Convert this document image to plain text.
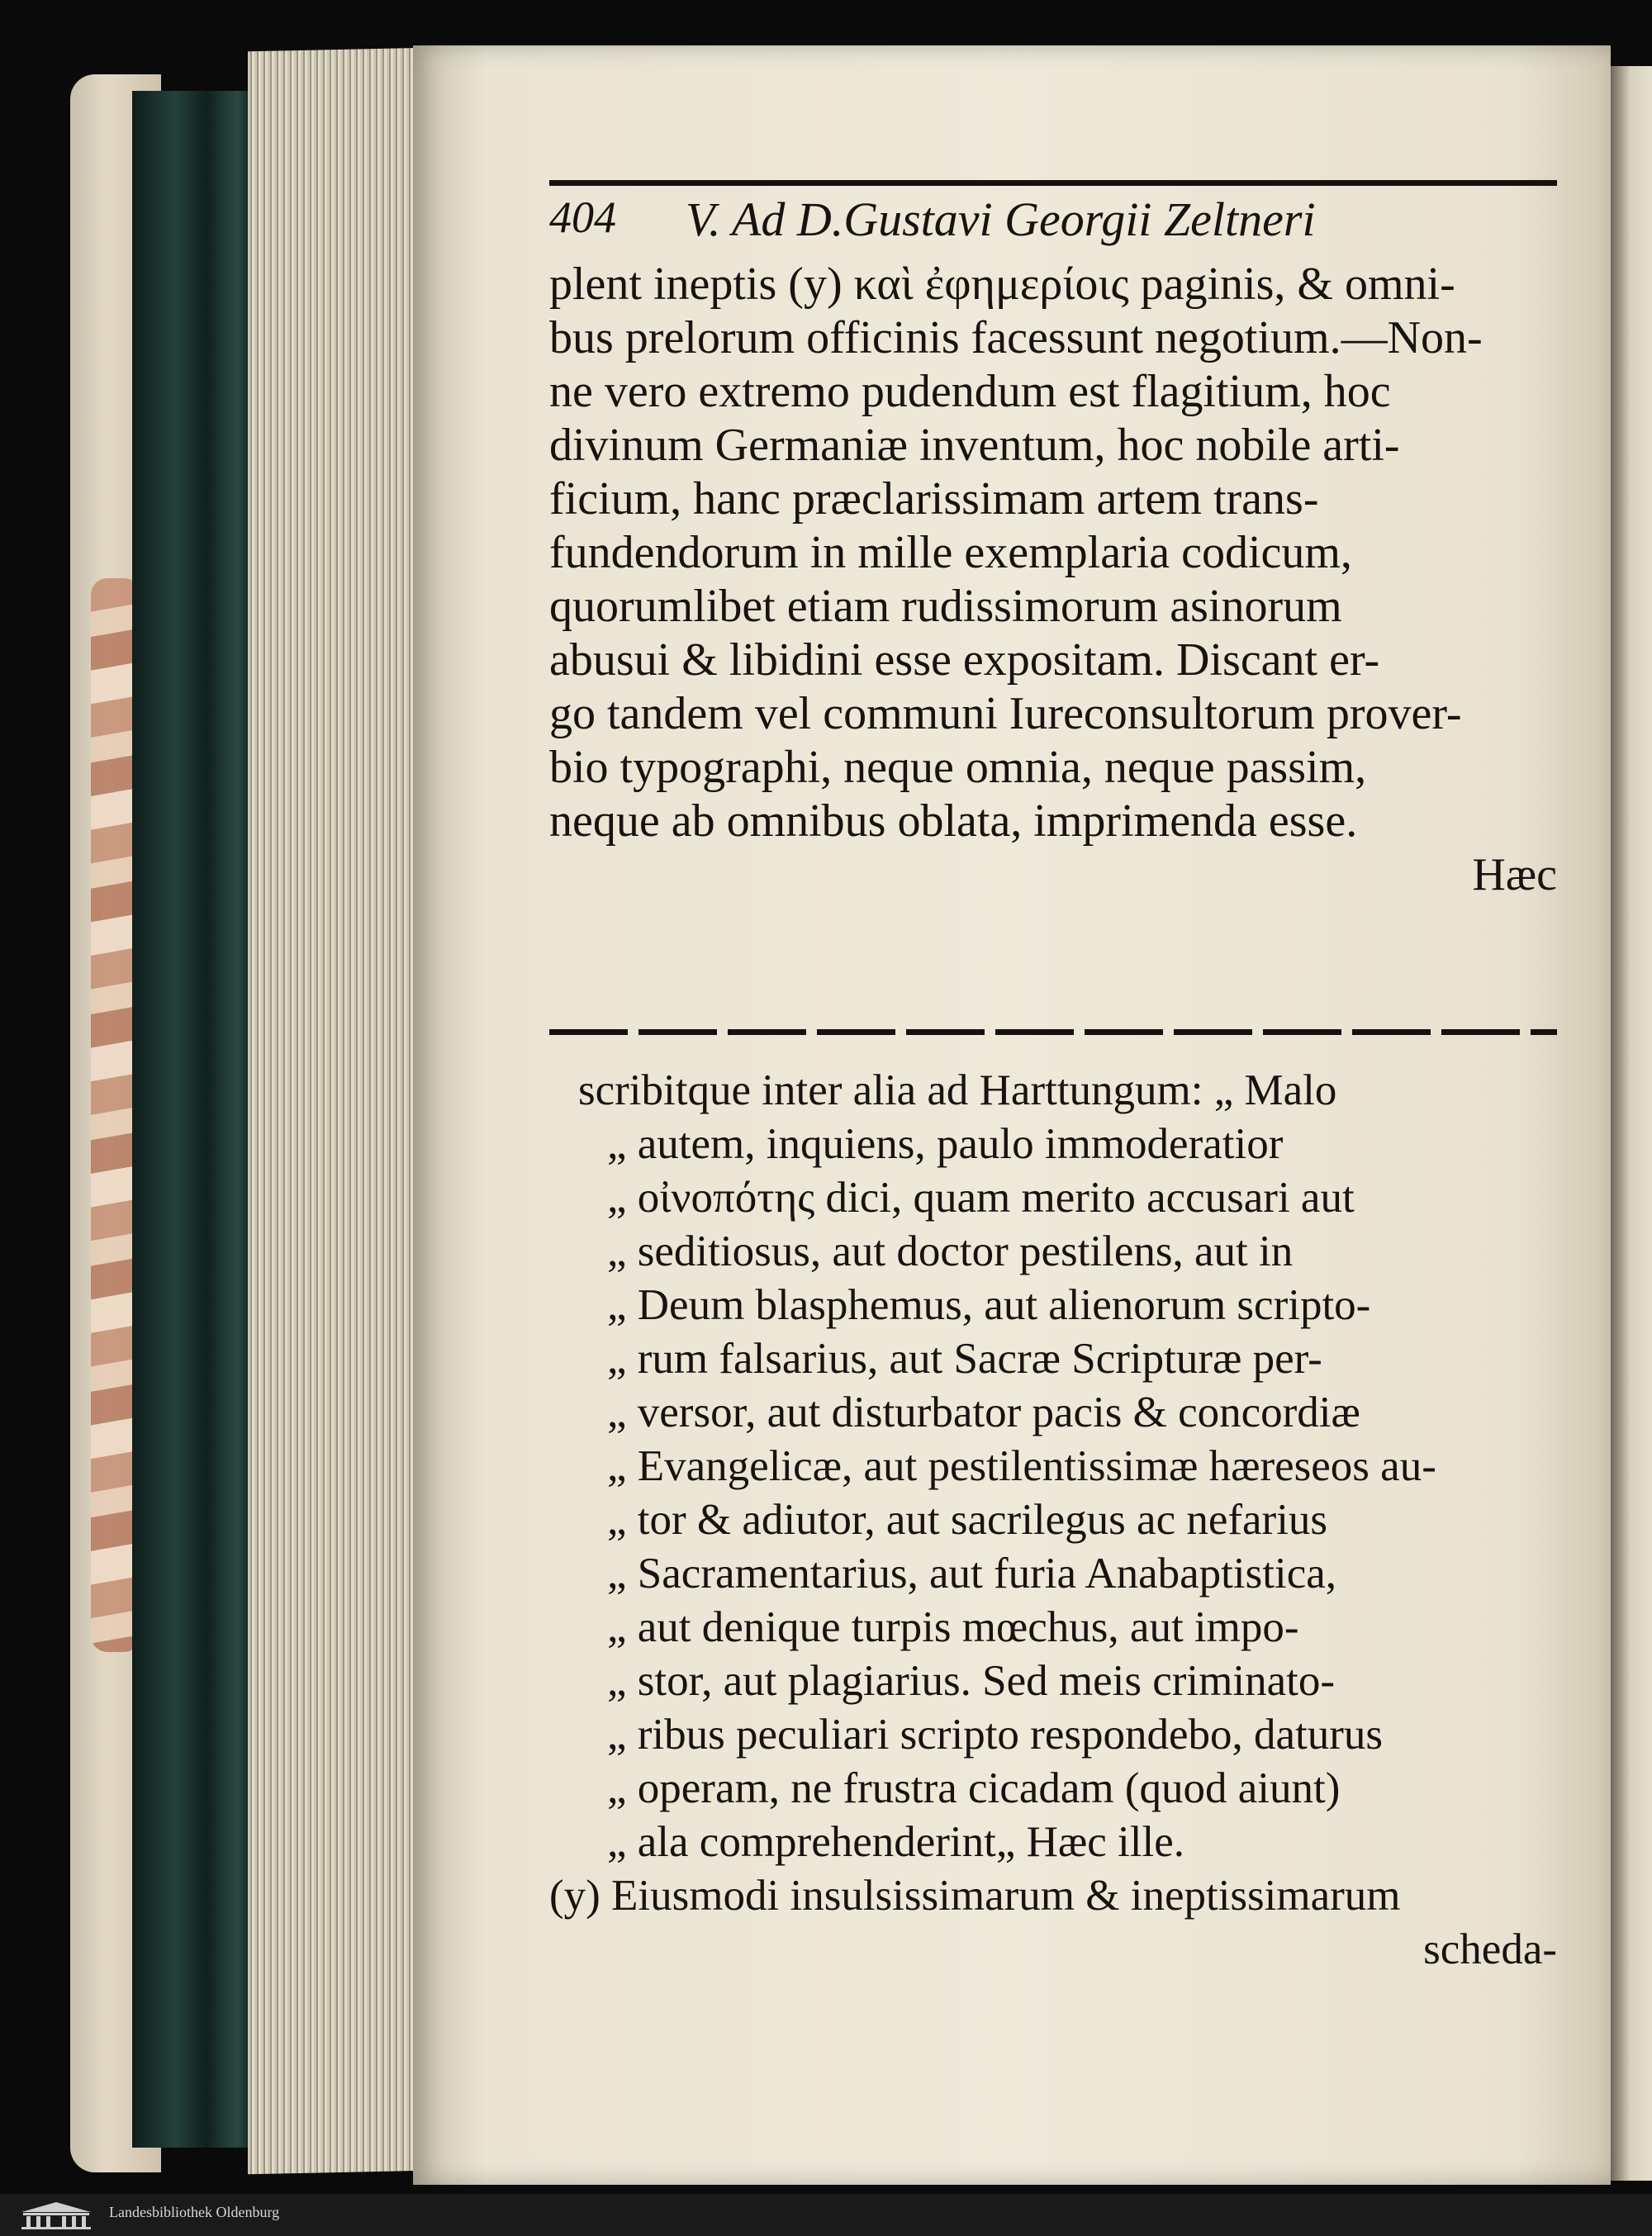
404 V. Ad D.Gustavi Georgii Zeltneri
plent ineptis (y) καὶ ἐφημερίοις paginis, & omni-
bus prelorum officinis facessunt negotium.—Non-
ne vero extremo pudendum est flagitium, hoc
divinum Germaniæ inventum, hoc nobile arti-
ficium, hanc præclarissimam artem trans-
fundendorum in mille exemplaria codicum,
quorumlibet etiam rudissimorum asinorum
abusui & libidini esse expositam. Discant er-
go tandem vel communi Iureconsultorum prover-
bio typographi, neque omnia, neque passim,
neque ab omnibus oblata, imprimenda esse.
Hæc
scribitque inter alia ad Harttungum: „ Malo
„ autem, inquiens, paulo immoderatior
„ οἰνοπότης dici, quam merito accusari aut
„ seditiosus, aut doctor pestilens, aut in
„ Deum blasphemus, aut alienorum scripto-
„ rum falsarius, aut Sacræ Scripturæ per-
„ versor, aut disturbator pacis & concordiæ
„ Evangelicæ, aut pestilentissimæ hæreseos au-
„ tor & adiutor, aut sacrilegus ac nefarius
„ Sacramentarius, aut furia Anabaptistica,
„ aut denique turpis mœchus, aut impo-
„ stor, aut plagiarius. Sed meis criminato-
„ ribus peculiari scripto respondebo, daturus
„ operam, ne frustra cicadam (quod aiunt)
„ ala comprehenderint„ Hæc ille.
(y) Eiusmodi insulsissimarum & ineptissimarum
scheda-
Landesbibliothek Oldenburg
